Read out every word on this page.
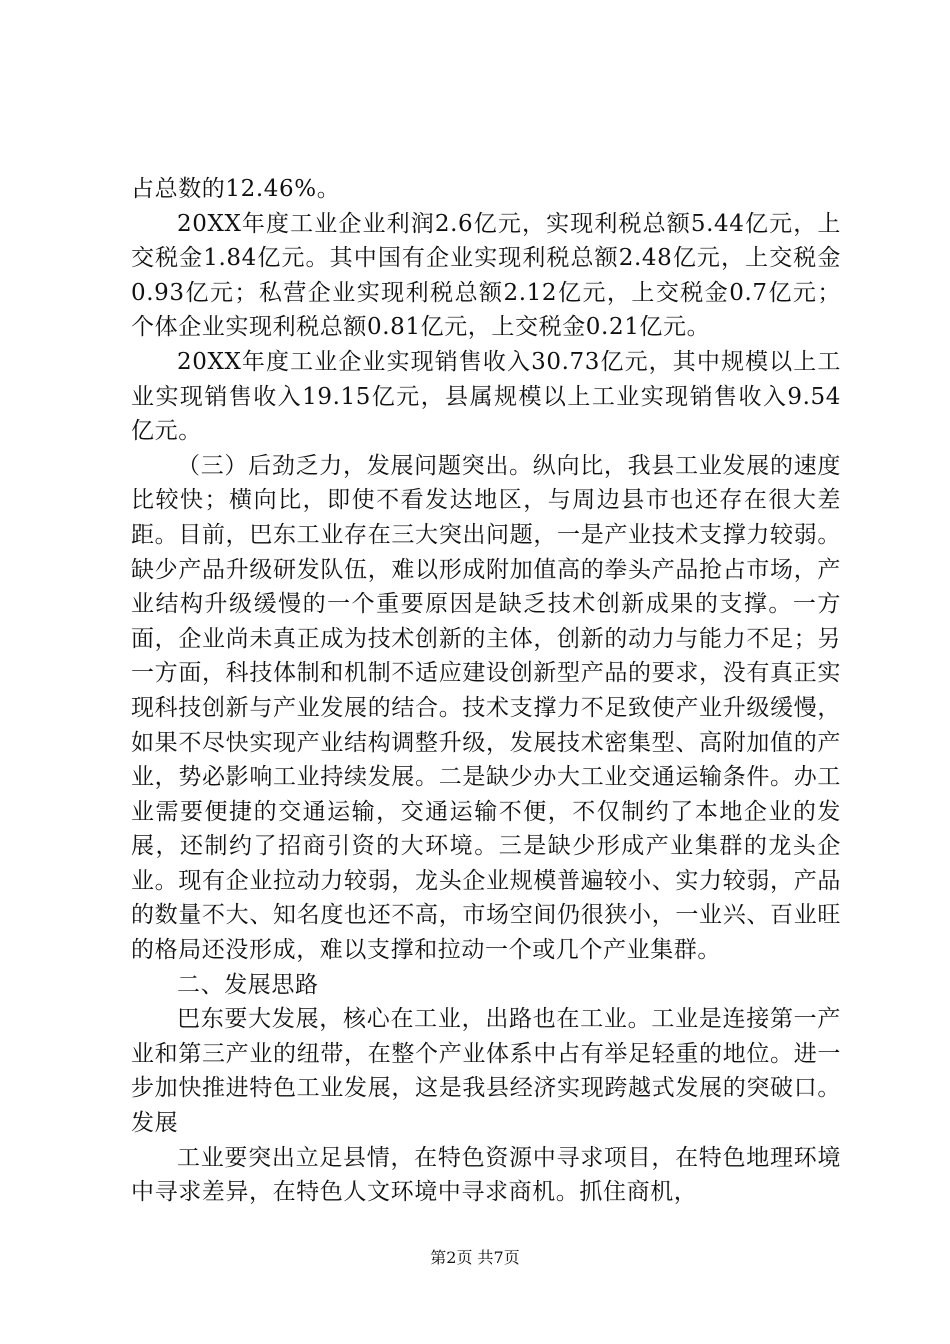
占总数的12.46%。

20XX年度工业企业利润2.6亿元，实现利税总额5.44亿元，上交税金1.84亿元。其中国有企业实现利税总额2.48亿元，上交税金0.93亿元；私营企业实现利税总额2.12亿元，上交税金0.7亿元；个体企业实现利税总额0.81亿元，上交税金0.21亿元。

20XX年度工业企业实现销售收入30.73亿元，其中规模以上工业实现销售收入19.15亿元，县属规模以上工业实现销售收入9.54亿元。

（三）后劲乏力，发展问题突出。纵向比，我县工业发展的速度比较快；横向比，即使不看发达地区，与周边县市也还存在很大差距。目前，巴东工业存在三大突出问题，一是产业技术支撑力较弱。缺少产品升级研发队伍，难以形成附加值高的拳头产品抢占市场，产业结构升级缓慢的一个重要原因是缺乏技术创新成果的支撑。一方面，企业尚未真正成为技术创新的主体，创新的动力与能力不足；另一方面，科技体制和机制不适应建设创新型产品的要求，没有真正实现科技创新与产业发展的结合。技术支撑力不足致使产业升级缓慢，如果不尽快实现产业结构调整升级，发展技术密集型、高附加值的产业，势必影响工业持续发展。二是缺少办大工业交通运输条件。办工业需要便捷的交通运输，交通运输不便，不仅制约了本地企业的发展，还制约了招商引资的大环境。三是缺少形成产业集群的龙头企业。现有企业拉动力较弱，龙头企业规模普遍较小、实力较弱，产品的数量不大、知名度也还不高，市场空间仍很狭小，一业兴、百业旺的格局还没形成，难以支撑和拉动一个或几个产业集群。

二、发展思路

巴东要大发展，核心在工业，出路也在工业。工业是连接第一产业和第三产业的纽带，在整个产业体系中占有举足轻重的地位。进一步加快推进特色工业发展，这是我县经济实现跨越式发展的突破口。发展

工业要突出立足县情，在特色资源中寻求项目，在特色地理环境中寻求差异，在特色人文环境中寻求商机。抓住商机，

第2页 共7页
